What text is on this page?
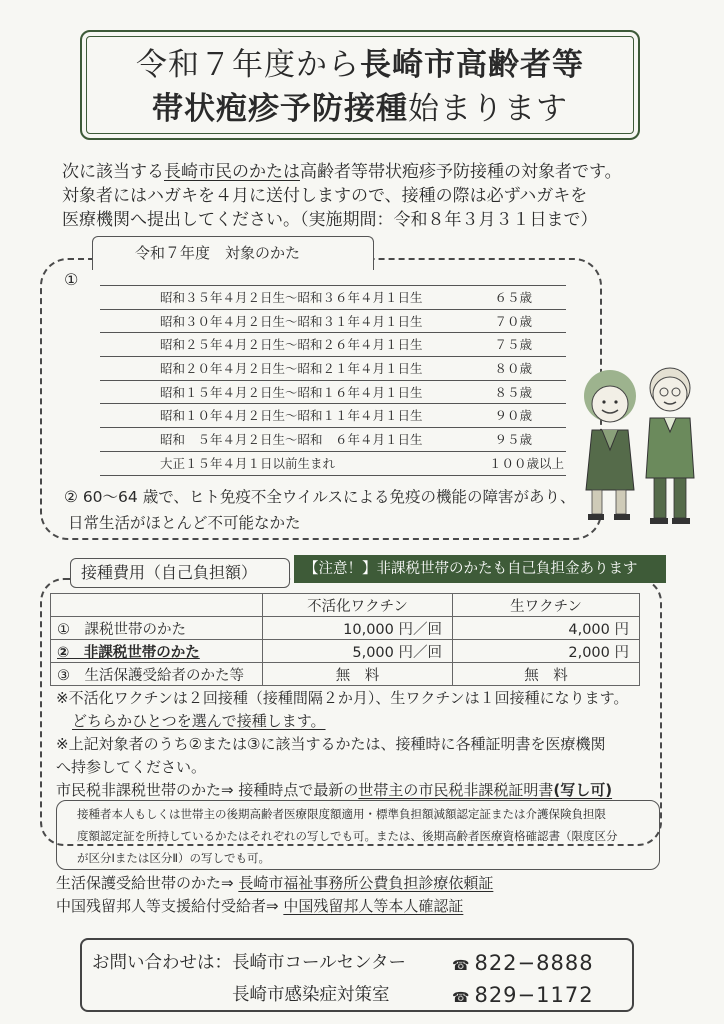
令和７年度から長崎市高齢者等
帯状疱疹予防接種始まります
次に該当する長崎市民のかたは高齢者等帯状疱疹予防接種の対象者です。
対象者にはハガキを４月に送付しますので、接種の際は必ずハガキを
医療機関へ提出してください。（実施期間：令和８年３月３１日まで）
令和７年度　対象のかた
①
昭和３５年４月２日生〜昭和３６年４月１日生	６５歳
昭和３０年４月２日生〜昭和３１年４月１日生	７０歳
昭和２５年４月２日生〜昭和２６年４月１日生	７５歳
昭和２０年４月２日生〜昭和２１年４月１日生	８０歳
昭和１５年４月２日生〜昭和１６年４月１日生	８５歳
昭和１０年４月２日生〜昭和１１年４月１日生	９０歳
昭和　５年４月２日生〜昭和　６年４月１日生	９５歳
大正１５年４月１日以前生まれ	１００歳以上
② 60〜64 歳で、ヒト免疫不全ウイルスによる免疫の機能の障害があり、
日常生活がほとんど不可能なかた
接種費用（自己負担額）	【注意！】非課税世帯のかたも自己負担金あります
	不活化ワクチン	生ワクチン
①　課税世帯のかた	10,000 円／回	4,000 円
②　非課税世帯のかた	5,000 円／回	2,000 円
③　生活保護受給者のかた等	無　料	無　料

※不活化ワクチンは２回接種（接種間隔２か月）、生ワクチンは１回接種になります。

どちらかひとつを選んで接種します。

※上記対象者のうち②または③に該当するかたは、接種時に各種証明書を医療機関

へ持参してください。

市民税非課税世帯のかた⇒ 接種時点で最新の世帯主の市民税非課税証明書(写し可)

接種者本人もしくは世帯主の後期高齢者医療限度額適用・標準負担額減額認定証または介護保険負担限
度額認定証を所持しているかたはそれぞれの写しでも可。または、後期高齢者医療資格確認書（限度区分
が区分Ⅰまたは区分Ⅱ）の写しでも可。
生活保護受給世帯のかた⇒ 長崎市福祉事務所公費負担診療依頼証
中国残留邦人等支援給付受給者⇒ 中国残留邦人等本人確認証
お問い合わせは：長崎市コールセンター	☎ 822−8888
長崎市感染症対策室	☎ 829−1172
